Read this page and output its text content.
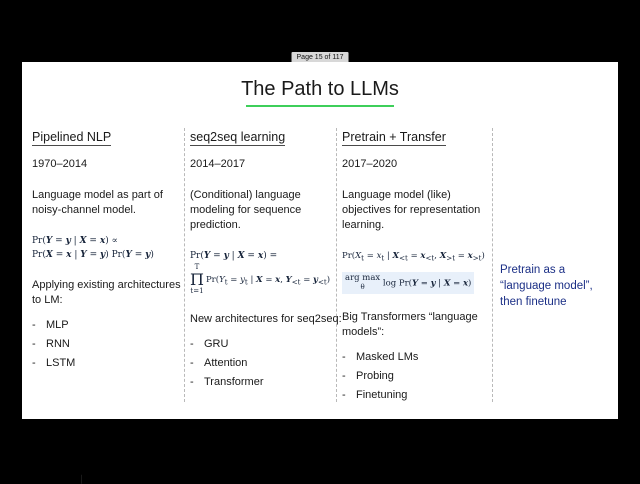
Page 15 of 117
The Path to LLMs
Pipelined NLP
1970–2014
Language model as part of noisy-channel model.
Pr(Y = y | X = x) ∝
Pr(X = x | Y = y) Pr(Y = y)
Applying existing architectures to LM:
- MLP
- RNN
- LSTM
seq2seq learning
2014–2017
(Conditional) language modeling for sequence prediction.
Pr(Y = y | X = x) =
T
Π
t=1
$Pr(Y_t = y_t$ | X = x, $Y_{<t} = y_{<t}$)
New architectures for seq2seq:
- GRU
- Attention
- Transformer
Pretrain + Transfer
2017–2020
Language model (like) objectives for representation learning.
$Pr(X_t = x_t$ | $X_{<t} = x_{<t}$, $X_{>t} = x_{>t}$)
arg max
θ	log Pr(Y = y | X = x)
Big Transformers “language models”:
- Masked LMs
- Probing
- Finetuning
Pretrain as a “language model”, then finetune
⎸
